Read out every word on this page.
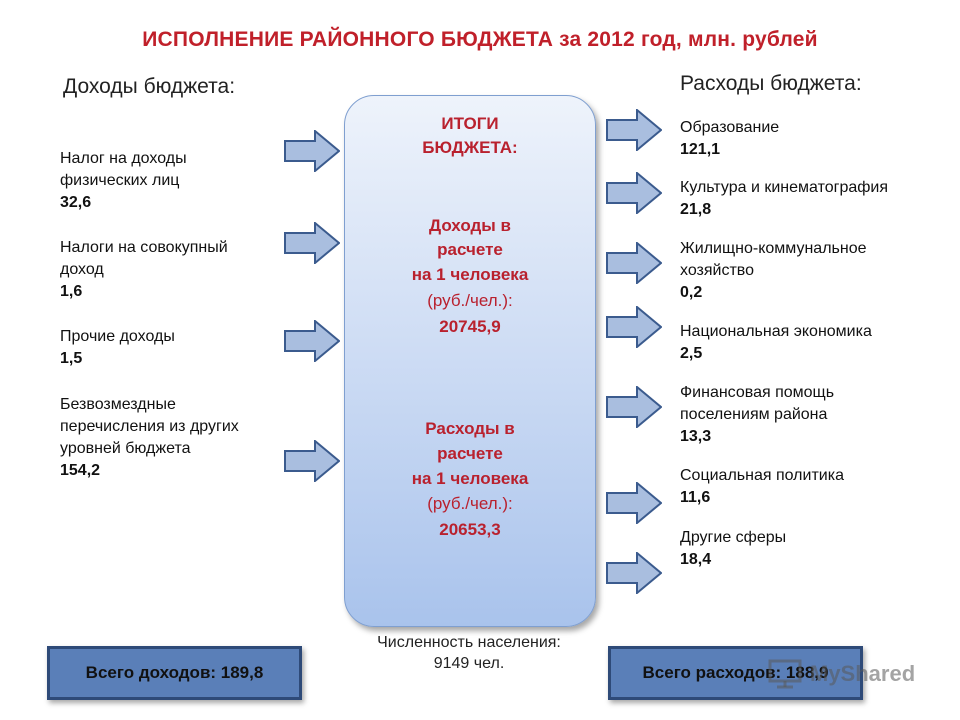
ИСПОЛНЕНИЕ РАЙОННОГО БЮДЖЕТА за 2012 год, млн. рублей
Доходы бюджета:	Расходы бюджета:
Налог на доходы
физических лиц
32,6
Налоги на совокупный
доход
1,6
Прочие доходы
1,5
Безвозмездные
перечисления из других
уровней бюджета
154,2
ИТОГИ
БЮДЖЕТА:
Доходы в
расчете
на 1 человека
(руб./чел.):
20745,9
Расходы в
расчете
на 1 человека
(руб./чел.):
20653,3
Численность населения:
9149 чел.
Образование
121,1
Культура и кинематография
21,8
Жилищно-коммунальное
хозяйство
0,2
Национальная экономика
2,5
Финансовая помощь
поселениям района
13,3
Социальная политика
11,6
Другие сферы
18,4
Всего доходов: 189,8	Всего расходов: 188,9
MyShared
